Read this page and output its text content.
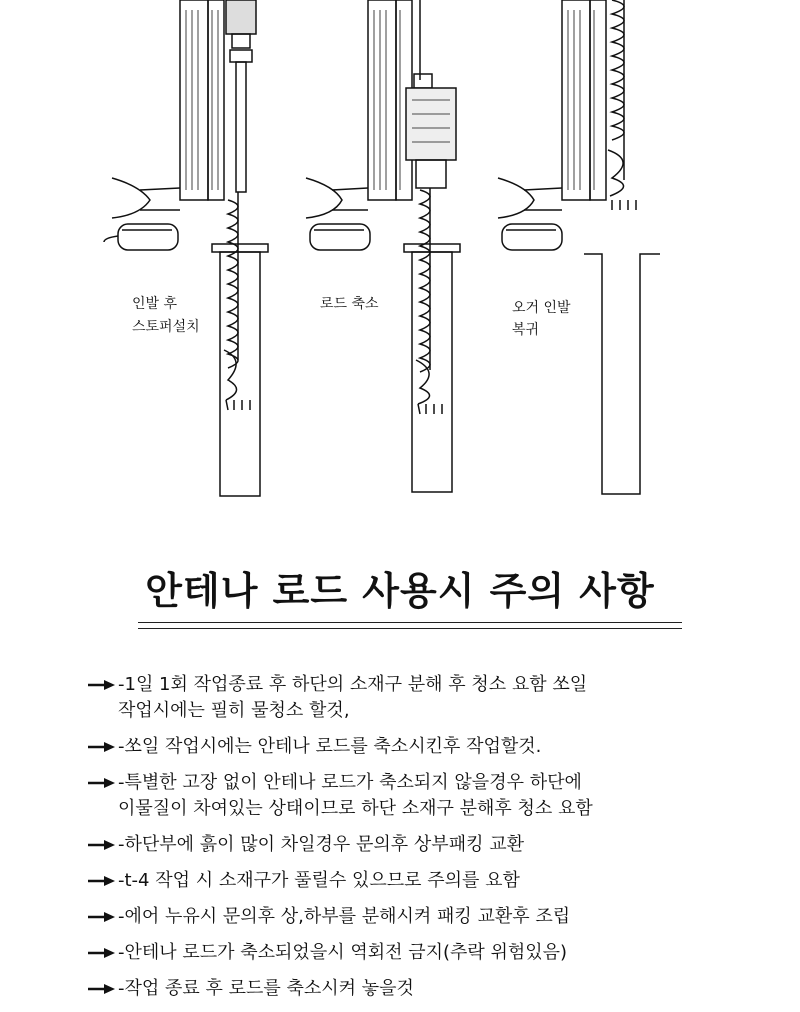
인발 후
스토퍼설치
로드 축소	오거 인발
복귀
안테나 로드 사용시 주의 사항
-1일 1회 작업종료 후 하단의 소재구 분해 후 청소 요함 쏘일
작업시에는 필히 물청소 할것,
-쏘일 작업시에는 안테나 로드를 축소시킨후 작업할것.
-특별한 고장 없이 안테나 로드가 축소되지 않을경우 하단에
이물질이 차여있는 상태이므로 하단 소재구 분해후 청소 요함
-하단부에 흙이 많이 차일경우 문의후 상부패킹 교환
-t-4 작업 시 소재구가 풀릴수 있으므로 주의를 요함
-에어 누유시 문의후 상,하부를 분해시켜 패킹 교환후 조립
-안테나 로드가 축소되었을시 역회전 금지(추락 위험있음)
-작업 종료 후 로드를 축소시켜 놓을것
